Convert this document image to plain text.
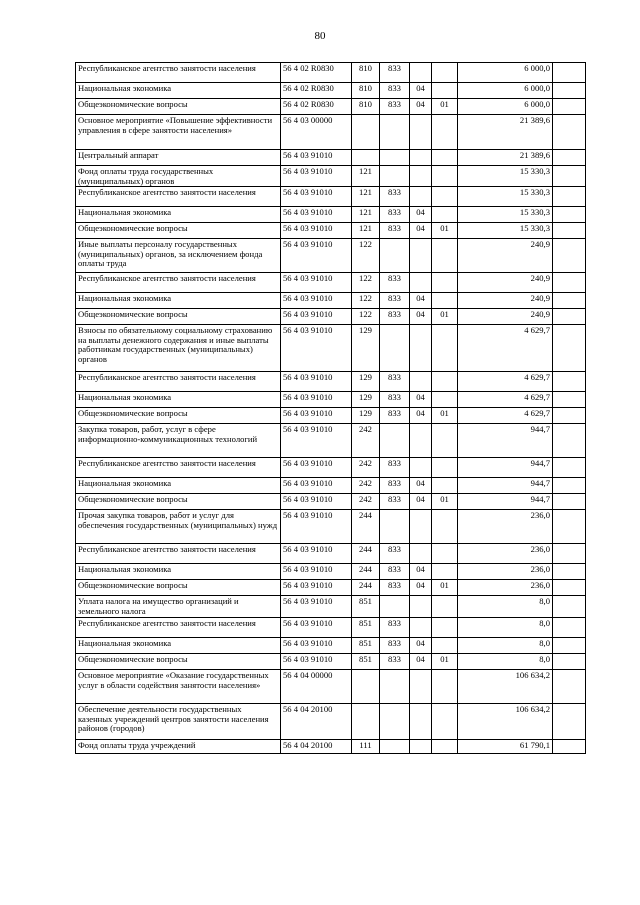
80
Республиканское агентство занятости населения	56 4 02 R0830	810	833			6 000,0	
Национальная экономика	56 4 02 R0830	810	833	04		6 000,0	
Общеэкономические вопросы	56 4 02 R0830	810	833	04	01	6 000,0	
Основное мероприятие «Повышение эффективности управления в сфере занятости населения»	56 4 03 00000					21 389,6	
Центральный аппарат	56 4 03 91010					21 389,6	
Фонд оплаты труда государственных (муниципальных) органов	56 4 03 91010	121				15 330,3	
Республиканское агентство занятости населения	56 4 03 91010	121	833			15 330,3	
Национальная экономика	56 4 03 91010	121	833	04		15 330,3	
Общеэкономические вопросы	56 4 03 91010	121	833	04	01	15 330,3	
Иные выплаты персоналу государственных (муниципальных) органов, за исключением фонда оплаты труда	56 4 03 91010	122				240,9	
Республиканское агентство занятости населения	56 4 03 91010	122	833			240,9	
Национальная экономика	56 4 03 91010	122	833	04		240,9	
Общеэкономические вопросы	56 4 03 91010	122	833	04	01	240,9	
Взносы по обязательному социальному страхованию на выплаты денежного содержания и иные выплаты работникам государственных (муниципальных) органов	56 4 03 91010	129				4 629,7	
Республиканское агентство занятости населения	56 4 03 91010	129	833			4 629,7	
Национальная экономика	56 4 03 91010	129	833	04		4 629,7	
Общеэкономические вопросы	56 4 03 91010	129	833	04	01	4 629,7	
Закупка товаров, работ, услуг в сфере информационно-коммуникационных технологий	56 4 03 91010	242				944,7	
Республиканское агентство занятости населения	56 4 03 91010	242	833			944,7	
Национальная экономика	56 4 03 91010	242	833	04		944,7	
Общеэкономические вопросы	56 4 03 91010	242	833	04	01	944,7	
Прочая закупка товаров, работ и услуг для обеспечения государственных (муниципальных) нужд	56 4 03 91010	244				236,0	
Республиканское агентство занятости населения	56 4 03 91010	244	833			236,0	
Национальная экономика	56 4 03 91010	244	833	04		236,0	
Общеэкономические вопросы	56 4 03 91010	244	833	04	01	236,0	
Уплата налога на имущество организаций и земельного налога	56 4 03 91010	851				8,0	
Республиканское агентство занятости населения	56 4 03 91010	851	833			8,0	
Национальная экономика	56 4 03 91010	851	833	04		8,0	
Общеэкономические вопросы	56 4 03 91010	851	833	04	01	8,0	
Основное мероприятие «Оказание государственных услуг в области содействия занятости населения»	56 4 04 00000					106 634,2	
Обеспечение деятельности государственных казенных учреждений центров занятости населения районов (городов)	56 4 04 20100					106 634,2	
Фонд оплаты труда учреждений	56 4 04 20100	111				61 790,1	
